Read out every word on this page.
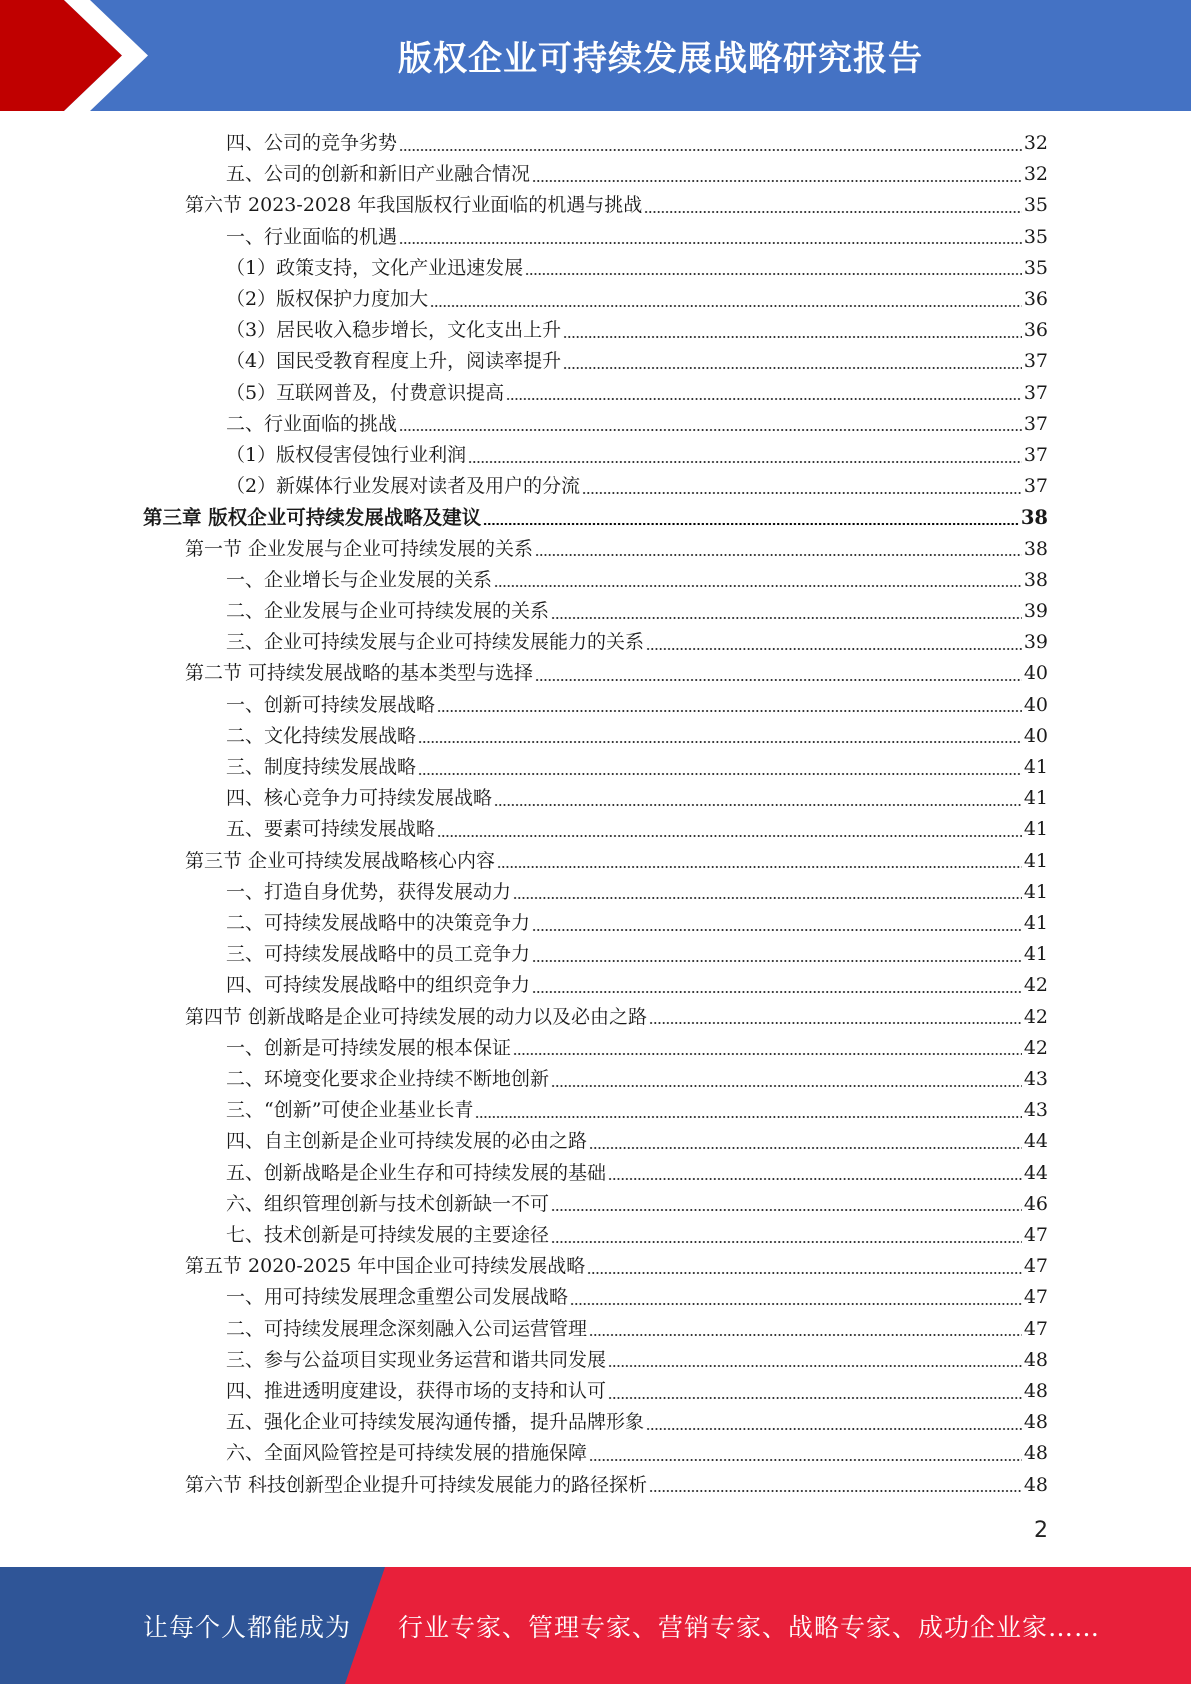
版权企业可持续发展战略研究报告
四、公司的竞争劣势	32
五、公司的创新和新旧产业融合情况	32
第六节 2023-2028 年我国版权行业面临的机遇与挑战	35
一、行业面临的机遇	35
（1）政策支持，文化产业迅速发展	35
（2）版权保护力度加大	36
（3）居民收入稳步增长，文化支出上升	36
（4）国民受教育程度上升，阅读率提升	37
（5）互联网普及，付费意识提高	37
二、行业面临的挑战	37
（1）版权侵害侵蚀行业利润	37
（2）新媒体行业发展对读者及用户的分流	37
第三章 版权企业可持续发展战略及建议	38
第一节 企业发展与企业可持续发展的关系	38
一、企业增长与企业发展的关系	38
二、企业发展与企业可持续发展的关系	39
三、企业可持续发展与企业可持续发展能力的关系	39
第二节 可持续发展战略的基本类型与选择	40
一、创新可持续发展战略	40
二、文化持续发展战略	40
三、制度持续发展战略	41
四、核心竞争力可持续发展战略	41
五、要素可持续发展战略	41
第三节 企业可持续发展战略核心内容	41
一、打造自身优势，获得发展动力	41
二、可持续发展战略中的决策竞争力	41
三、可持续发展战略中的员工竞争力	41
四、可持续发展战略中的组织竞争力	42
第四节 创新战略是企业可持续发展的动力以及必由之路	42
一、创新是可持续发展的根本保证	42
二、环境变化要求企业持续不断地创新	43
三、“创新”可使企业基业长青	43
四、自主创新是企业可持续发展的必由之路	44
五、创新战略是企业生存和可持续发展的基础	44
六、组织管理创新与技术创新缺一不可	46
七、技术创新是可持续发展的主要途径	47
第五节 2020-2025 年中国企业可持续发展战略	47
一、用可持续发展理念重塑公司发展战略	47
二、可持续发展理念深刻融入公司运营管理	47
三、参与公益项目实现业务运营和谐共同发展	48
四、推进透明度建设，获得市场的支持和认可	48
五、强化企业可持续发展沟通传播，提升品牌形象	48
六、全面风险管控是可持续发展的措施保障	48
第六节 科技创新型企业提升可持续发展能力的路径探析	48
2
让每个人都能成为 行业专家、管理专家、营销专家、战略专家、成功企业家……
